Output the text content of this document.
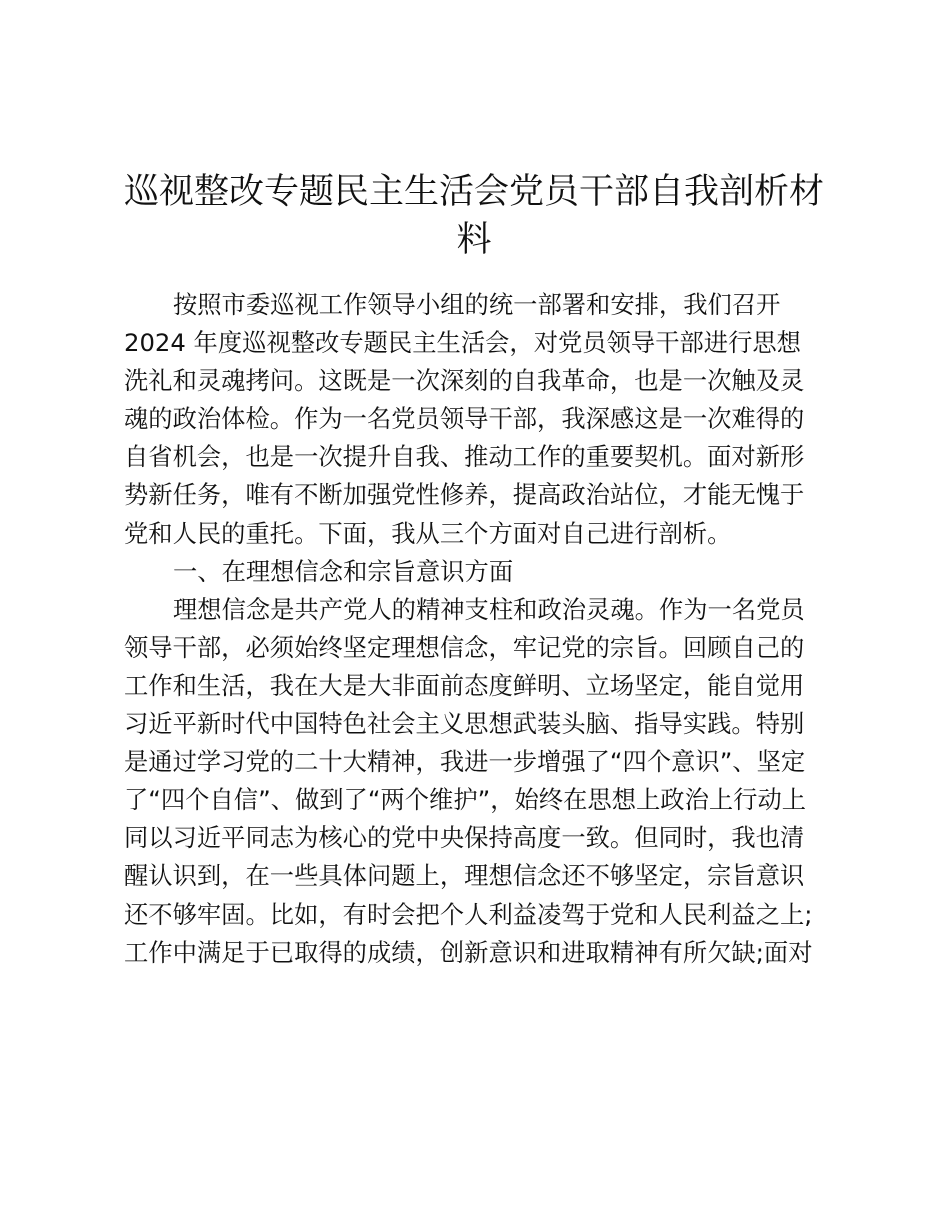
巡视整改专题民主生活会党员干部自我剖析材
料
按照市委巡视工作领导小组的统一部署和安排，我们召开
2024 年度巡视整改专题民主生活会，对党员领导干部进行思想
洗礼和灵魂拷问。这既是一次深刻的自我革命，也是一次触及灵
魂的政治体检。作为一名党员领导干部，我深感这是一次难得的
自省机会，也是一次提升自我、推动工作的重要契机。面对新形
势新任务，唯有不断加强党性修养，提高政治站位，才能无愧于
党和人民的重托。下面，我从三个方面对自己进行剖析。
一、在理想信念和宗旨意识方面
理想信念是共产党人的精神支柱和政治灵魂。作为一名党员
领导干部，必须始终坚定理想信念，牢记党的宗旨。回顾自己的
工作和生活，我在大是大非面前态度鲜明、立场坚定，能自觉用
习近平新时代中国特色社会主义思想武装头脑、指导实践。特别
是通过学习党的二十大精神，我进一步增强了“四个意识”、坚定
了“四个自信”、做到了“两个维护”，始终在思想上政治上行动上
同以习近平同志为核心的党中央保持高度一致。但同时，我也清
醒认识到，在一些具体问题上，理想信念还不够坚定，宗旨意识
还不够牢固。比如，有时会把个人利益凌驾于党和人民利益之上;
工作中满足于已取得的成绩，创新意识和进取精神有所欠缺;面对
